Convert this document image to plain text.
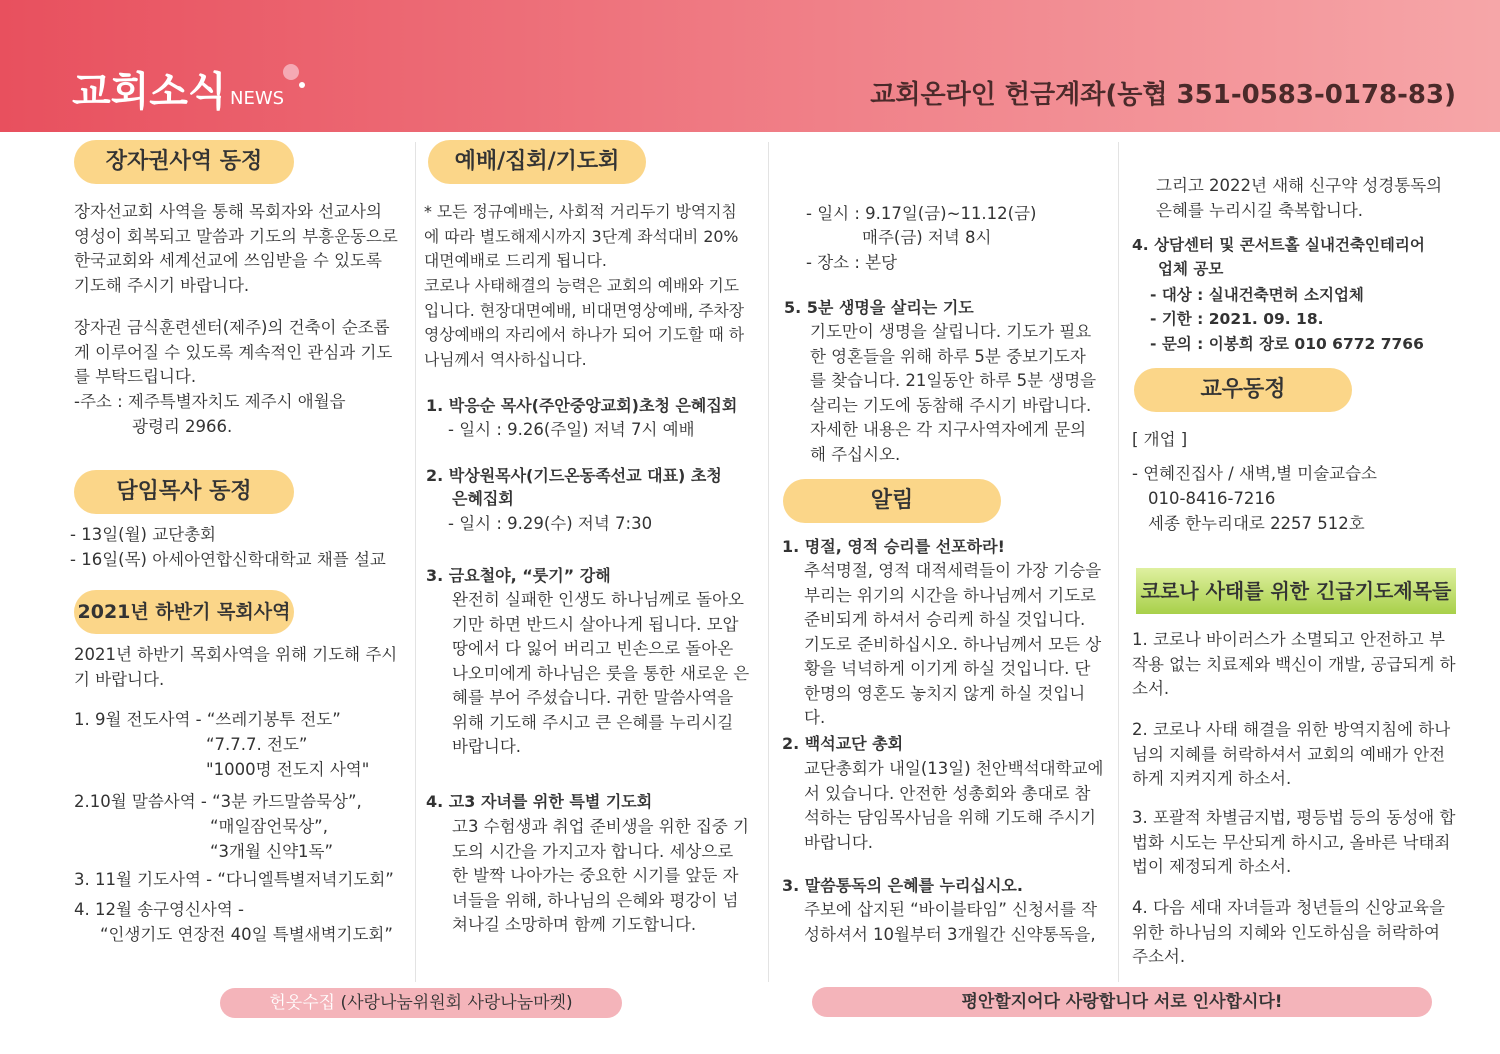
교회소식 NEWS	교회온라인 헌금계좌(농협 351-0583-0178-83)
장자권사역 동정

장자선교회 사역을 통해 목회자와 선교사의 영성이 회복되고 말씀과 기도의 부흥운동으로 한국교회와 세계선교에 쓰임받을 수 있도록 기도해 주시기 바랍니다.

장자권 금식훈련센터(제주)의 건축이 순조롭게 이루어질 수 있도록 계속적인 관심과 기도를 부탁드립니다.

-주소 : 제주특별자치도 제주시 애월읍

광령리 2966.

담임목사 동정

- 13일(월) 교단총회

- 16일(목) 아세아연합신학대학교 채플 설교

2021년 하반기 목회사역

2021년 하반기 목회사역을 위해 기도해 주시기 바랍니다.

1. 9월 전도사역 - “쓰레기봉투 전도”

“7.7.7. 전도”

"1000명 전도지 사역"

2.10월 말씀사역 - “3분 카드말씀묵상”,

“매일잠언묵상”,

“3개월 신약1독”

3. 11월 기도사역 - “다니엘특별저녁기도회”

4. 12월 송구영신사역 -

“인생기도 연장전 40일 특별새벽기도회”

예배/집회/기도회

* 모든 정규예배는, 사회적 거리두기 방역지침에 따라 별도해제시까지 3단계 좌석대비 20% 대면예배로 드리게 됩니다.

코로나 사태해결의 능력은 교회의 예배와 기도입니다. 현장대면예배, 비대면영상예배, 주차장 영상예배의 자리에서 하나가 되어 기도할 때 하나님께서 역사하십니다.

1. 박응순 목사(주안중앙교회)초청 은혜집회

- 일시 : 9.26(주일) 저녁 7시 예배

2. 박상원목사(기드온동족선교 대표) 초청

은혜집회

- 일시 : 9.29(수) 저녁 7:30

3. 금요철야, “룻기” 강해

완전히 실패한 인생도 하나님께로 돌아오기만 하면 반드시 살아나게 됩니다. 모압 땅에서 다 잃어 버리고 빈손으로 돌아온 나오미에게 하나님은 룻을 통한 새로운 은혜를 부어 주셨습니다. 귀한 말씀사역을 위해 기도해 주시고 큰 은혜를 누리시길 바랍니다.

4. 고3 자녀를 위한 특별 기도회

고3 수험생과 취업 준비생을 위한 집중 기도의 시간을 가지고자 합니다. 세상으로 한 발짝 나아가는 중요한 시기를 앞둔 자녀들을 위해, 하나님의 은혜와 평강이 넘쳐나길 소망하며 함께 기도합니다.

- 일시 : 9.17일(금)~11.12(금)

매주(금) 저녁 8시

- 장소 : 본당

5. 5분 생명을 살리는 기도

기도만이 생명을 살립니다. 기도가 필요한 영혼들을 위해 하루 5분 중보기도자를 찾습니다. 21일동안 하루 5분 생명을 살리는 기도에 동참해 주시기 바랍니다. 자세한 내용은 각 지구사역자에게 문의해 주십시오.

알림

1. 명절, 영적 승리를 선포하라!

추석명절, 영적 대적세력들이 가장 기승을 부리는 위기의 시간을 하나님께서 기도로 준비되게 하셔서 승리케 하실 것입니다. 기도로 준비하십시오. 하나님께서 모든 상황을 넉넉하게 이기게 하실 것입니다. 단 한명의 영혼도 놓치지 않게 하실 것입니다.

2. 백석교단 총회

교단총회가 내일(13일) 천안백석대학교에서 있습니다. 안전한 성총회와 총대로 참석하는 담임목사님을 위해 기도해 주시기 바랍니다.

3. 말씀통독의 은혜를 누리십시오.

주보에 삽지된 “바이블타임” 신청서를 작성하셔서 10월부터 3개월간 신약통독을,

그리고 2022년 새해 신구약 성경통독의 은혜를 누리시길 축복합니다.

4. 상담센터 및 콘서트홀 실내건축인테리어

업체 공모

- 대상 : 실내건축면허 소지업체

- 기한 : 2021. 09. 18.

- 문의 : 이봉희 장로 010 6772 7766

교우동정

[ 개업 ]

- 연혜진집사 / 새벽,별 미술교습소

010-8416-7216

세종 한누리대로 2257 512호

코로나 사태를 위한 긴급기도제목들

1. 코로나 바이러스가 소멸되고 안전하고 부작용 없는 치료제와 백신이 개발, 공급되게 하소서.

2. 코로나 사태 해결을 위한 방역지침에 하나님의 지혜를 허락하셔서 교회의 예배가 안전하게 지켜지게 하소서.

3. 포괄적 차별금지법, 평등법 등의 동성애 합법화 시도는 무산되게 하시고, 올바른 낙태죄법이 제정되게 하소서.

4. 다음 세대 자녀들과 청년들의 신앙교육을 위한 하나님의 지혜와 인도하심을 허락하여 주소서.

헌옷수집 (사랑나눔위원회 사랑나눔마켓)	평안할지어다 사랑합니다 서로 인사합시다!
